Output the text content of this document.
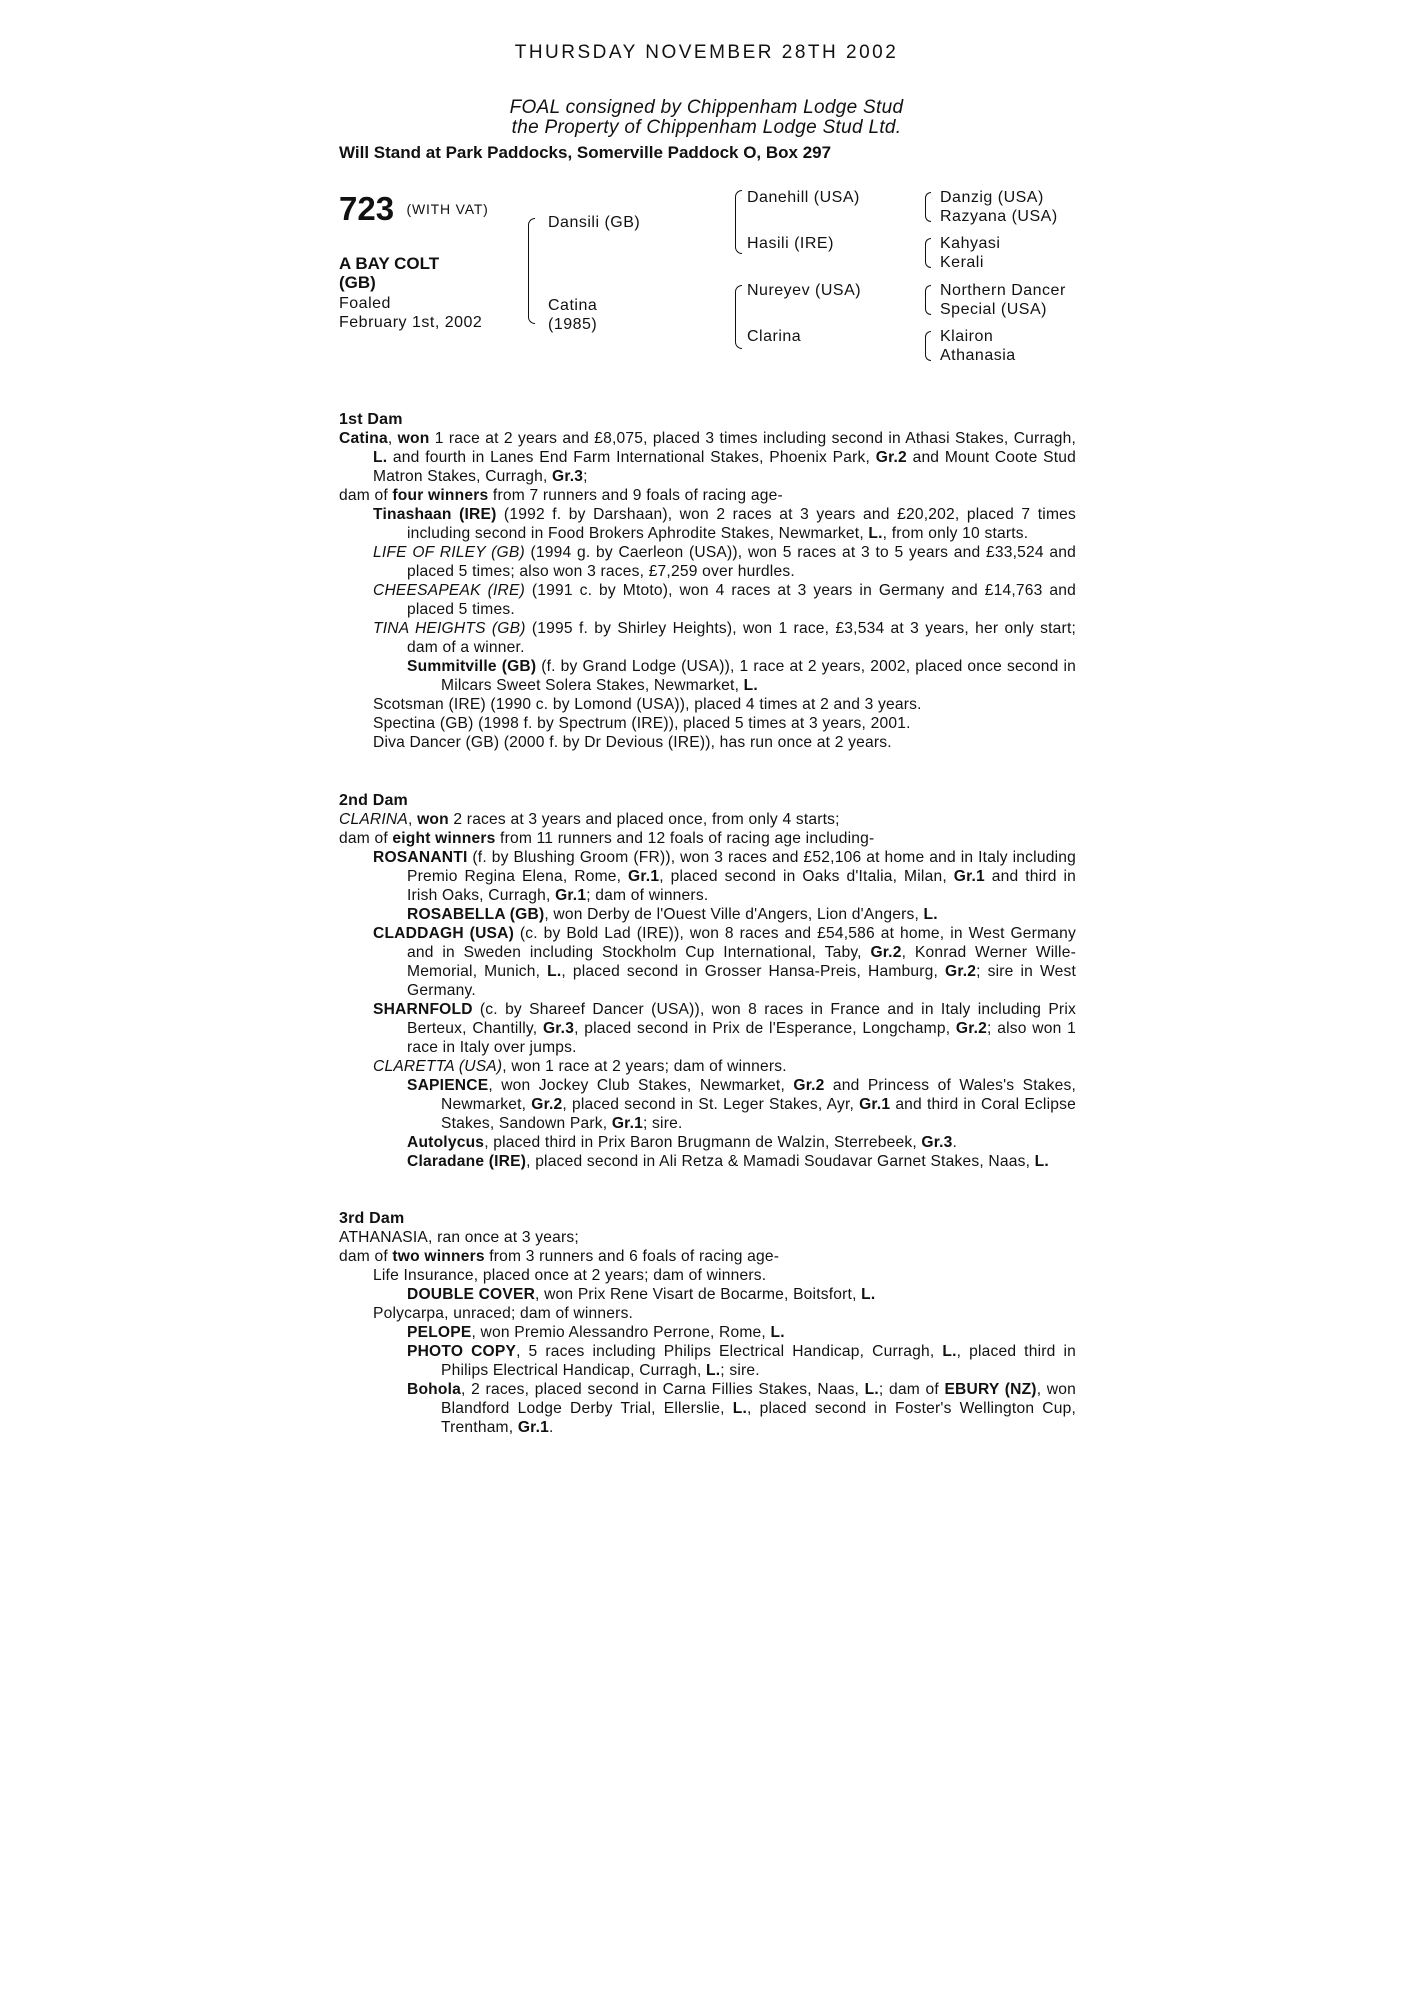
THURSDAY NOVEMBER 28TH 2002
FOAL consigned by Chippenham Lodge Stud
the Property of Chippenham Lodge Stud Ltd.
Will Stand at Park Paddocks, Somerville Paddock O, Box 297
723 (WITH VAT)
A BAY COLT
(GB)
Foaled
February 1st, 2002
Dansili (GB)
Catina
(1985)
Danehill (USA)
Hasili (IRE)
Nureyev (USA)
Clarina
Danzig (USA)
Razyana (USA)
Kahyasi
Kerali
Northern Dancer
Special (USA)
Klairon
Athanasia
1st Dam

Catina, won 1 race at 2 years and £8,075, placed 3 times including second in Athasi Stakes, Curragh, L. and fourth in Lanes End Farm International Stakes, Phoenix Park, Gr.2 and Mount Coote Stud Matron Stakes, Curragh, Gr.3;

dam of four winners from 7 runners and 9 foals of racing age-

Tinashaan (IRE) (1992 f. by Darshaan), won 2 races at 3 years and £20,202, placed 7 times including second in Food Brokers Aphrodite Stakes, Newmarket, L., from only 10 starts.

LIFE OF RILEY (GB) (1994 g. by Caerleon (USA)), won 5 races at 3 to 5 years and £33,524 and placed 5 times; also won 3 races, £7,259 over hurdles.

CHEESAPEAK (IRE) (1991 c. by Mtoto), won 4 races at 3 years in Germany and £14,763 and placed 5 times.

TINA HEIGHTS (GB) (1995 f. by Shirley Heights), won 1 race, £3,534 at 3 years, her only start; dam of a winner.

Summitville (GB) (f. by Grand Lodge (USA)), 1 race at 2 years, 2002, placed once second in Milcars Sweet Solera Stakes, Newmarket, L.

Scotsman (IRE) (1990 c. by Lomond (USA)), placed 4 times at 2 and 3 years.

Spectina (GB) (1998 f. by Spectrum (IRE)), placed 5 times at 3 years, 2001.

Diva Dancer (GB) (2000 f. by Dr Devious (IRE)), has run once at 2 years.

2nd Dam

CLARINA, won 2 races at 3 years and placed once, from only 4 starts;

dam of eight winners from 11 runners and 12 foals of racing age including-

ROSANANTI (f. by Blushing Groom (FR)), won 3 races and £52,106 at home and in Italy including Premio Regina Elena, Rome, Gr.1, placed second in Oaks d'Italia, Milan, Gr.1 and third in Irish Oaks, Curragh, Gr.1; dam of winners.

ROSABELLA (GB), won Derby de l'Ouest Ville d'Angers, Lion d'Angers, L.

CLADDAGH (USA) (c. by Bold Lad (IRE)), won 8 races and £54,586 at home, in West Germany and in Sweden including Stockholm Cup International, Taby, Gr.2, Konrad Werner Wille-Memorial, Munich, L., placed second in Grosser Hansa-Preis, Hamburg, Gr.2; sire in West Germany.

SHARNFOLD (c. by Shareef Dancer (USA)), won 8 races in France and in Italy including Prix Berteux, Chantilly, Gr.3, placed second in Prix de l'Esperance, Longchamp, Gr.2; also won 1 race in Italy over jumps.

CLARETTA (USA), won 1 race at 2 years; dam of winners.

SAPIENCE, won Jockey Club Stakes, Newmarket, Gr.2 and Princess of Wales's Stakes, Newmarket, Gr.2, placed second in St. Leger Stakes, Ayr, Gr.1 and third in Coral Eclipse Stakes, Sandown Park, Gr.1; sire.

Autolycus, placed third in Prix Baron Brugmann de Walzin, Sterrebeek, Gr.3.

Claradane (IRE), placed second in Ali Retza & Mamadi Soudavar Garnet Stakes, Naas, L.

3rd Dam

ATHANASIA, ran once at 3 years;

dam of two winners from 3 runners and 6 foals of racing age-

Life Insurance, placed once at 2 years; dam of winners.

DOUBLE COVER, won Prix Rene Visart de Bocarme, Boitsfort, L.

Polycarpa, unraced; dam of winners.

PELOPE, won Premio Alessandro Perrone, Rome, L.

PHOTO COPY, 5 races including Philips Electrical Handicap, Curragh, L., placed third in Philips Electrical Handicap, Curragh, L.; sire.

Bohola, 2 races, placed second in Carna Fillies Stakes, Naas, L.; dam of EBURY (NZ), won Blandford Lodge Derby Trial, Ellerslie, L., placed second in Foster's Wellington Cup, Trentham, Gr.1.
